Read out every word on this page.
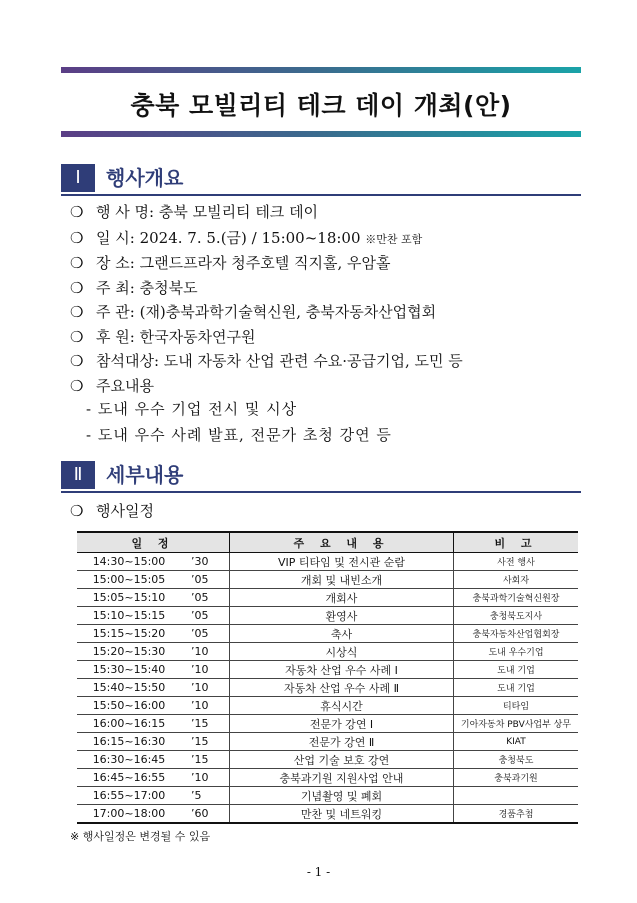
충북 모빌리티 테크 데이 개최(안)
Ⅰ	행사개요
❍ 행 사 명: 충북 모빌리티 테크 데이
❍ 일 시: 2024. 7. 5.(금) / 15:00~18:00 ※만찬 포함
❍ 장 소: 그랜드프라자 청주호텔 직지홀, 우암홀
❍ 주 최: 충청북도
❍ 주 관: (재)충북과학기술혁신원, 충북자동차산업협회
❍ 후 원: 한국자동차연구원
❍ 참석대상: 도내 자동차 산업 관련 수요·공급기업, 도민 등
❍ 주요내용
- 도내 우수 기업 전시 및 시상
- 도내 우수 사례 발표, 전문가 초청 강연 등
Ⅱ	세부내용
❍ 행사일정
일 정		주 요 내 용	비 고
14:30~15:00	’30	VIP 티타임 및 전시관 순람	사전 행사
15:00~15:05	’05	개회 및 내빈소개	사회자
15:05~15:10	’05	개회사	충북과학기술혁신원장
15:10~15:15	’05	환영사	충청북도지사
15:15~15:20	’05	축사	충북자동차산업협회장
15:20~15:30	’10	시상식	도내 우수기업
15:30~15:40	’10	자동차 산업 우수 사례 Ⅰ	도내 기업
15:40~15:50	’10	자동차 산업 우수 사례 Ⅱ	도내 기업
15:50~16:00	’10	휴식시간	티타임
16:00~16:15	’15	전문가 강연 Ⅰ	기아자동차 PBV사업부 상무
16:15~16:30	’15	전문가 강연 Ⅱ	KIAT
16:30~16:45	’15	산업 기술 보호 강연	충청북도
16:45~16:55	’10	충북과기원 지원사업 안내	충북과기원
16:55~17:00	’5	기념촬영 및 폐회	
17:00~18:00	’60	만찬 및 네트워킹	경품추첨
※ 행사일정은 변경될 수 있음
- 1 -
